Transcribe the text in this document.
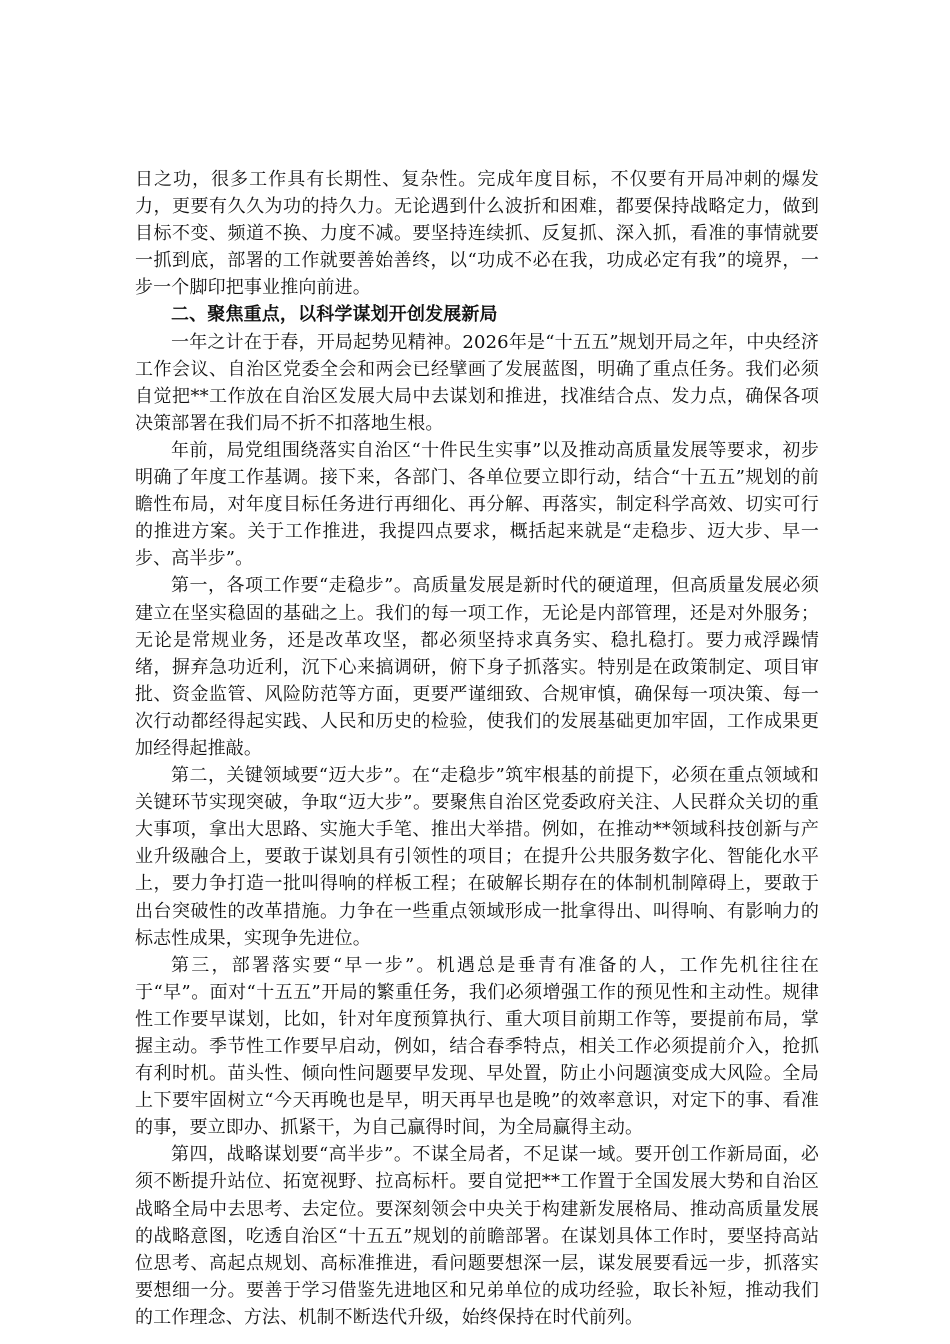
日之功，很多工作具有长期性、复杂性。完成年度目标，不仅要有开局冲刺的爆发力，更要有久久为功的持久力。无论遇到什么波折和困难，都要保持战略定力，做到目标不变、频道不换、力度不减。要坚持连续抓、反复抓、深入抓，看准的事情就要一抓到底，部署的工作就要善始善终，以“功成不必在我，功成必定有我”的境界，一步一个脚印把事业推向前进。

二、聚焦重点，以科学谋划开创发展新局

一年之计在于春，开局起势见精神。2026年是“十五五”规划开局之年，中央经济工作会议、自治区党委全会和两会已经擘画了发展蓝图，明确了重点任务。我们必须自觉把**工作放在自治区发展大局中去谋划和推进，找准结合点、发力点，确保各项决策部署在我们局不折不扣落地生根。

年前，局党组围绕落实自治区“十件民生实事”以及推动高质量发展等要求，初步明确了年度工作基调。接下来，各部门、各单位要立即行动，结合“十五五”规划的前瞻性布局，对年度目标任务进行再细化、再分解、再落实，制定科学高效、切实可行的推进方案。关于工作推进，我提四点要求，概括起来就是“走稳步、迈大步、早一步、高半步”。

第一，各项工作要“走稳步”。高质量发展是新时代的硬道理，但高质量发展必须建立在坚实稳固的基础之上。我们的每一项工作，无论是内部管理，还是对外服务；无论是常规业务，还是改革攻坚，都必须坚持求真务实、稳扎稳打。要力戒浮躁情绪，摒弃急功近利，沉下心来搞调研，俯下身子抓落实。特别是在政策制定、项目审批、资金监管、风险防范等方面，更要严谨细致、合规审慎，确保每一项决策、每一次行动都经得起实践、人民和历史的检验，使我们的发展基础更加牢固，工作成果更加经得起推敲。

第二，关键领域要“迈大步”。在“走稳步”筑牢根基的前提下，必须在重点领域和关键环节实现突破，争取“迈大步”。要聚焦自治区党委政府关注、人民群众关切的重大事项，拿出大思路、实施大手笔、推出大举措。例如，在推动**领域科技创新与产业升级融合上，要敢于谋划具有引领性的项目；在提升公共服务数字化、智能化水平上，要力争打造一批叫得响的样板工程；在破解长期存在的体制机制障碍上，要敢于出台突破性的改革措施。力争在一些重点领域形成一批拿得出、叫得响、有影响力的标志性成果，实现争先进位。

第三，部署落实要“早一步”。机遇总是垂青有准备的人，工作先机往往在于“早”。面对“十五五”开局的繁重任务，我们必须增强工作的预见性和主动性。规律性工作要早谋划，比如，针对年度预算执行、重大项目前期工作等，要提前布局，掌握主动。季节性工作要早启动，例如，结合春季特点，相关工作必须提前介入，抢抓有利时机。苗头性、倾向性问题要早发现、早处置，防止小问题演变成大风险。全局上下要牢固树立“今天再晚也是早，明天再早也是晚”的效率意识，对定下的事、看准的事，要立即办、抓紧干，为自己赢得时间，为全局赢得主动。

第四，战略谋划要“高半步”。不谋全局者，不足谋一域。要开创工作新局面，必须不断提升站位、拓宽视野、拉高标杆。要自觉把**工作置于全国发展大势和自治区战略全局中去思考、去定位。要深刻领会中央关于构建新发展格局、推动高质量发展的战略意图，吃透自治区“十五五”规划的前瞻部署。在谋划具体工作时，要坚持高站位思考、高起点规划、高标准推进，看问题要想深一层，谋发展要看远一步，抓落实要想细一分。要善于学习借鉴先进地区和兄弟单位的成功经验，取长补短，推动我们的工作理念、方法、机制不断迭代升级，始终保持在时代前列。
